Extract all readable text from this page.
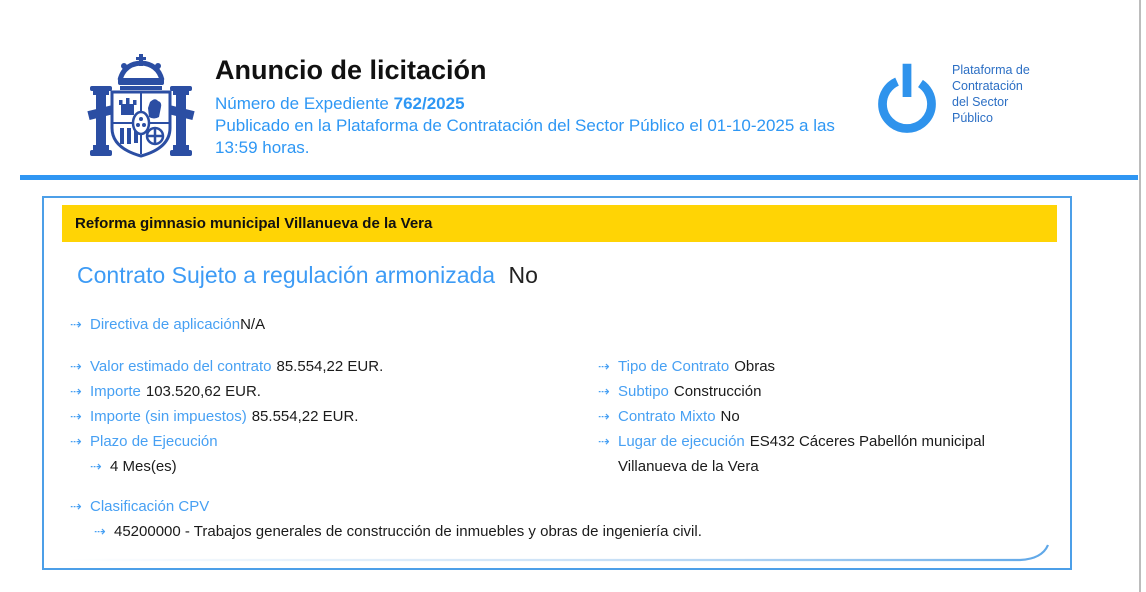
Anuncio de licitación
Número de Expediente 762/2025
Publicado en la Plataforma de Contratación del Sector Público el 01-10-2025 a las 13:59 horas.
Plataforma de
Contratación
del Sector
Público
Reforma gimnasio municipal Villanueva de la Vera
Contrato Sujeto a regulación armonizada No
⇢ Directiva de aplicaciónN/A
⇢ Valor estimado del contrato 85.554,22 EUR.
⇢ Importe 103.520,62 EUR.
⇢ Importe (sin impuestos) 85.554,22 EUR.
⇢ Plazo de Ejecución
⇢ 4 Mes(es)
⇢ Tipo de Contrato Obras
⇢ Subtipo Construcción
⇢ Contrato Mixto No
⇢ Lugar de ejecución ES432 Cáceres Pabellón municipal Villanueva de la Vera
⇢ Clasificación CPV
⇢ 45200000 - Trabajos generales de construcción de inmuebles y obras de ingeniería civil.
